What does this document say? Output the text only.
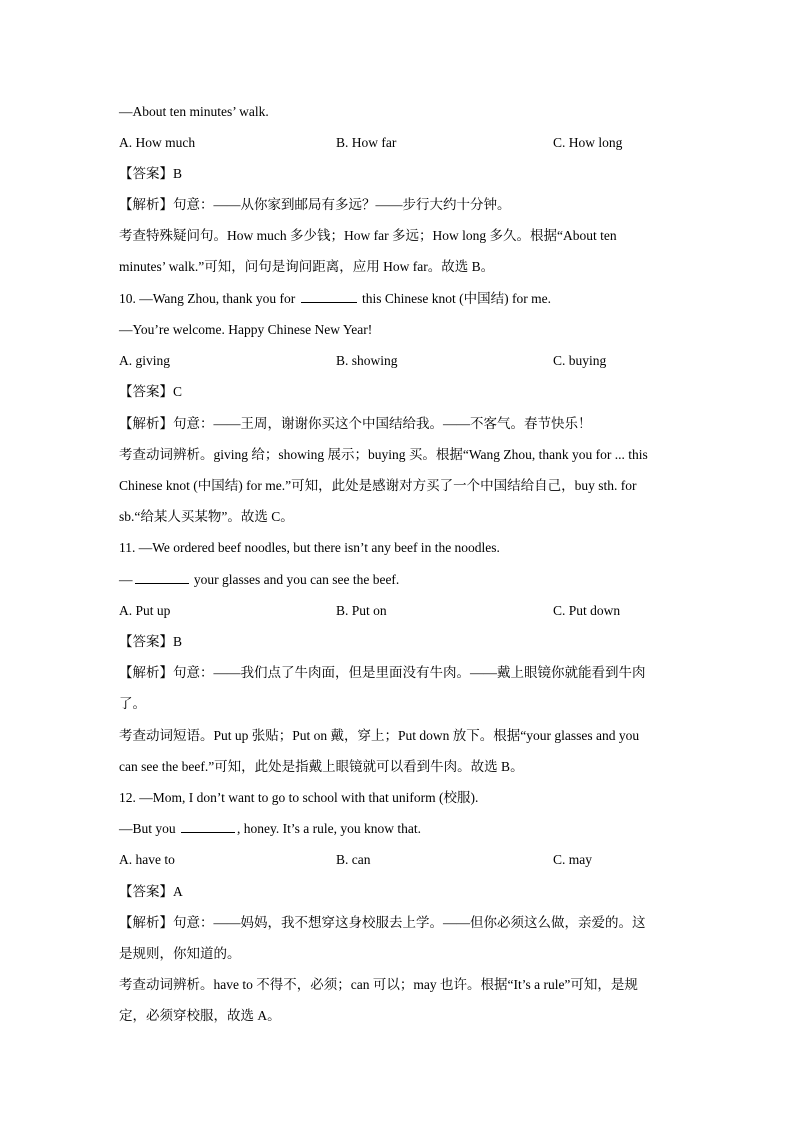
—About ten minutes’ walk.
A. How much	B. How far	C. How long
【答案】B
【解析】句意：——从你家到邮局有多远？——步行大约十分钟。
考查特殊疑问句。How much 多少钱；How far 多远；How long 多久。根据“About ten
minutes’ walk.”可知，问句是询问距离，应用 How far。故选 B。
10. —Wang Zhou, thank you for	this Chinese knot (中国结) for me.
—You’re welcome. Happy Chinese New Year!
A. giving	B. showing	C. buying
【答案】C
【解析】句意：——王周，谢谢你买这个中国结给我。——不客气。春节快乐！
考查动词辨析。giving 给；showing 展示；buying 买。根据“Wang Zhou, thank you for ... this
Chinese knot (中国结) for me.”可知，此处是感谢对方买了一个中国结给自己，buy sth. for
sb.“给某人买某物”。故选 C。
11. —We ordered beef noodles, but there isn’t any beef in the noodles.
—	your glasses and you can see the beef.
A. Put up	B. Put on	C. Put down
【答案】B
【解析】句意：——我们点了牛肉面，但是里面没有牛肉。——戴上眼镜你就能看到牛肉
了。
考查动词短语。Put up 张贴；Put on 戴，穿上；Put down 放下。根据“your glasses and you
can see the beef.”可知，此处是指戴上眼镜就可以看到牛肉。故选 B。
12. —Mom, I don’t want to go to school with that uniform (校服).
—But you	, honey. It’s a rule, you know that.
A. have to	B. can	C. may
【答案】A
【解析】句意：——妈妈，我不想穿这身校服去上学。——但你必须这么做，亲爱的。这
是规则，你知道的。
考查动词辨析。have to 不得不，必须；can 可以；may 也许。根据“It’s a rule”可知，是规
定，必须穿校服，故选 A。
